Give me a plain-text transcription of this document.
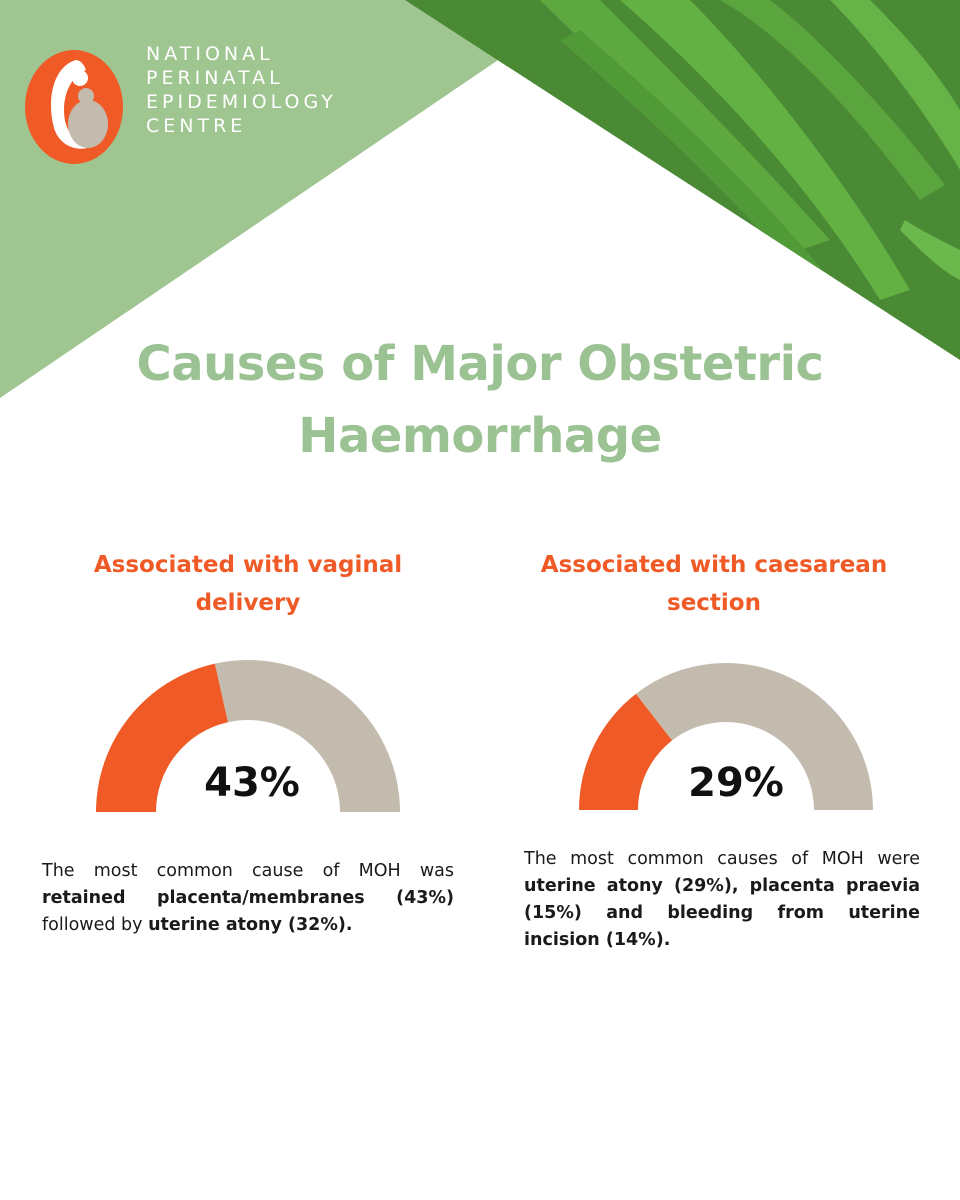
NATIONAL
PERINATAL
EPIDEMIOLOGY
CENTRE
Causes of Major Obstetric
Haemorrhage
Associated with vaginal
delivery
43%
The most common cause of MOH was retained placenta/membranes (43%) followed by uterine atony (32%).
Associated with caesarean
section
29%
The most common causes of MOH were uterine atony (29%), placenta praevia (15%) and bleeding from uterine incision (14%).
